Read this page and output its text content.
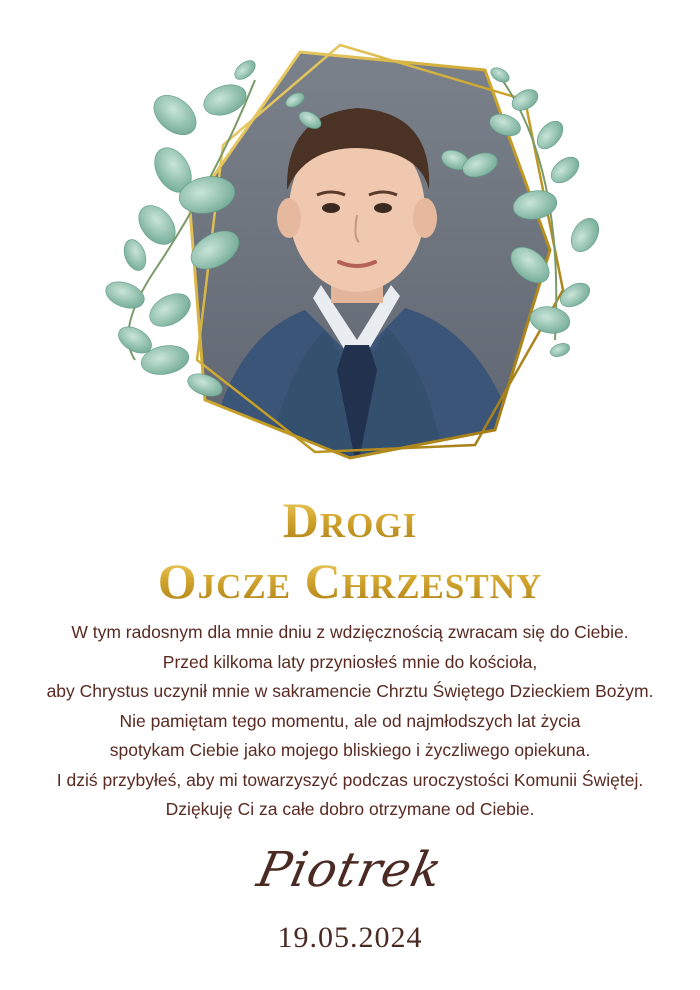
Drogi
Ojcze Chrzestny
W tym radosnym dla mnie dniu z wdzięcznością zwracam się do Ciebie.
Przed kilkoma laty przyniosłeś mnie do kościoła,
aby Chrystus uczynił mnie w sakramencie Chrztu Świętego Dzieckiem Bożym.
Nie pamiętam tego momentu, ale od najmłodszych lat życia
spotykam Ciebie jako mojego bliskiego i życzliwego opiekuna.
I dziś przybyłeś, aby mi towarzyszyć podczas uroczystości Komunii Świętej.
Dziękuję Ci za całe dobro otrzymane od Ciebie.
Piotrek
19.05.2024
